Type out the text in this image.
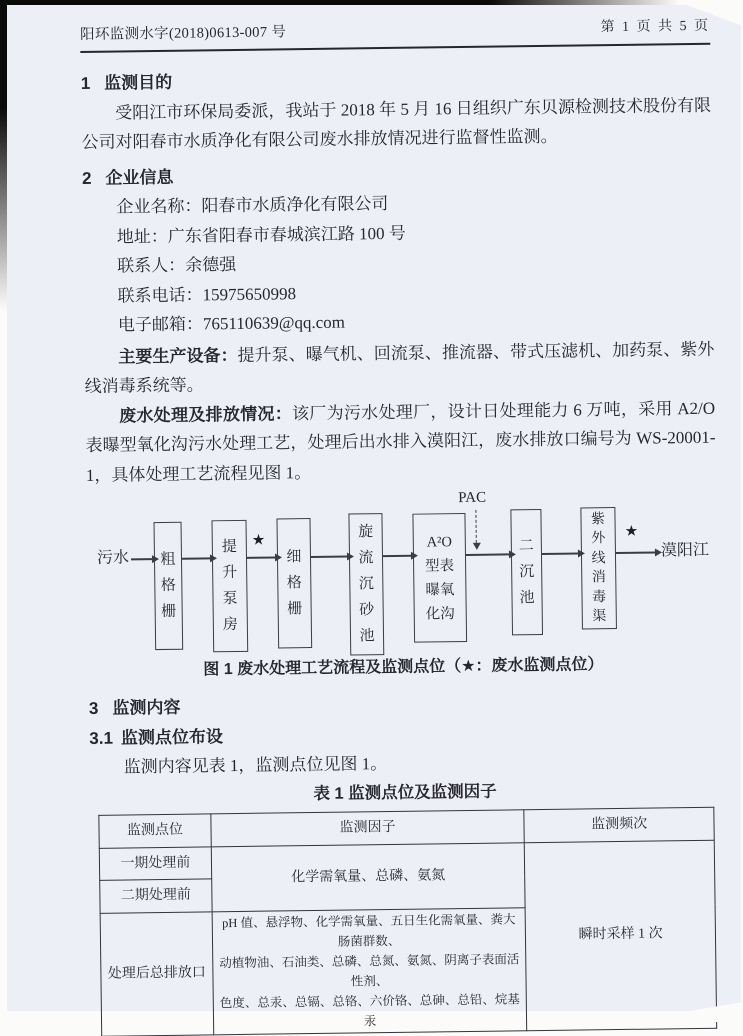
阳环监测水字(2018)0613-007 号	第 1 页 共 5 页
1 监测目的

受阳江市环保局委派，我站于 2018 年 5 月 16 日组织广东贝源检测技术股份有限公司对阳春市水质净化有限公司废水排放情况进行监督性监测。

2 企业信息

企业名称：阳春市水质净化有限公司

地址：广东省阳春市春城滨江路 100 号

联系人：余德强

联系电话：15975650998

电子邮箱：765110639@qq.com

主要生产设备：提升泵、曝气机、回流泵、推流器、带式压滤机、加药泵、紫外线消毒系统等。

废水处理及排放情况：该厂为污水处理厂，设计日处理能力 6 万吨，采用 A2/O 表曝型氧化沟污水处理工艺，处理后出水排入漠阳江，废水排放口编号为 WS-20001-1，具体处理工艺流程见图 1。

污水 粗
格
栅
提
升
泵
房
★
细
格
栅
旋
流
沉
砂
池
A²O
型表
曝氧
化沟
PAC
二
沉
池
紫
外
线
消
毒
渠
★
漠阳江
图 1 废水处理工艺流程及监测点位（★：废水监测点位）
3 监测内容
3.1 监测点位布设

监测内容见表 1，监测点位见图 1。

表 1 监测点位及监测因子
监测点位	监测因子	监测频次
一期处理前	化学需氧量、总磷、氨氮	瞬时采样 1 次
二期处理前		
处理后总排放口	pH 值、悬浮物、化学需氧量、五日生化需氧量、粪大肠菌群数、
动植物油、石油类、总磷、总氮、氨氮、阴离子表面活性剂、
色度、总汞、总镉、总铬、六价铬、总砷、总铅、烷基汞	
